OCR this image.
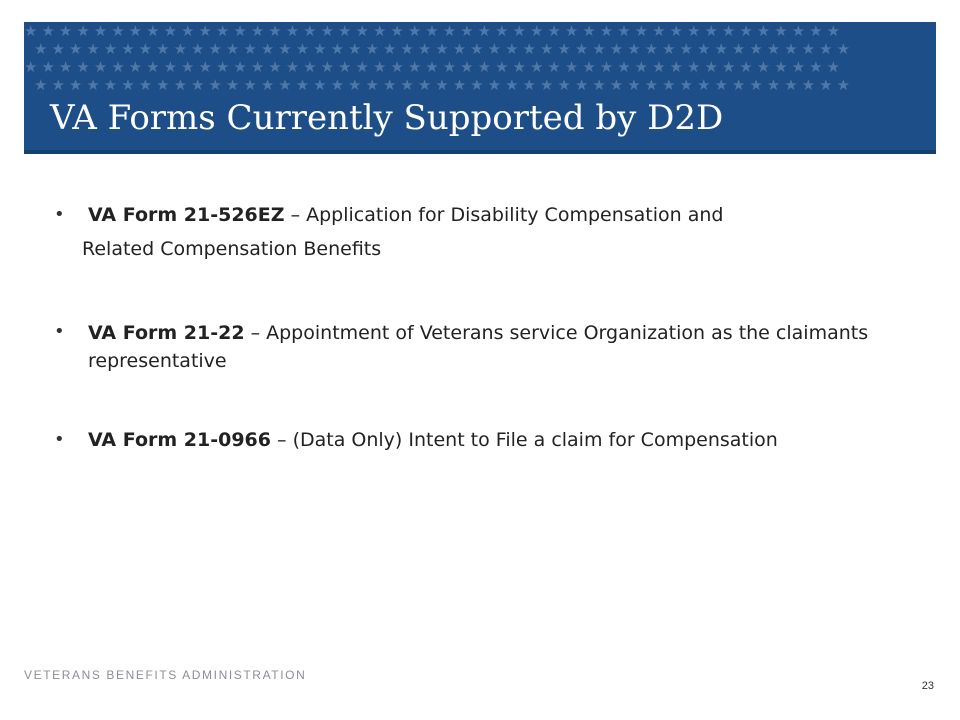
★★★★★★★★★★★★★★★★★★★★★★★★★★★★★★★★★★★★★★★★★★★★★★★
★★★★★★★★★★★★★★★★★★★★★★★★★★★★★★★★★★★★★★★★★★★★★★★
★★★★★★★★★★★★★★★★★★★★★★★★★★★★★★★★★★★★★★★★★★★★★★★
★★★★★★★★★★★★★★★★★★★★★★★★★★★★★★★★★★★★★★★★★★★★★★★
VA Forms Currently Supported by D2D
• VA Form 21-526EZ – Application for Disability Compensation and
Related Compensation Benefits
• VA Form 21-22 – Appointment of Veterans service Organization as the claimants representative
• VA Form 21-0966 – (Data Only) Intent to File a claim for Compensation
VETERANS BENEFITS ADMINISTRATION
23
